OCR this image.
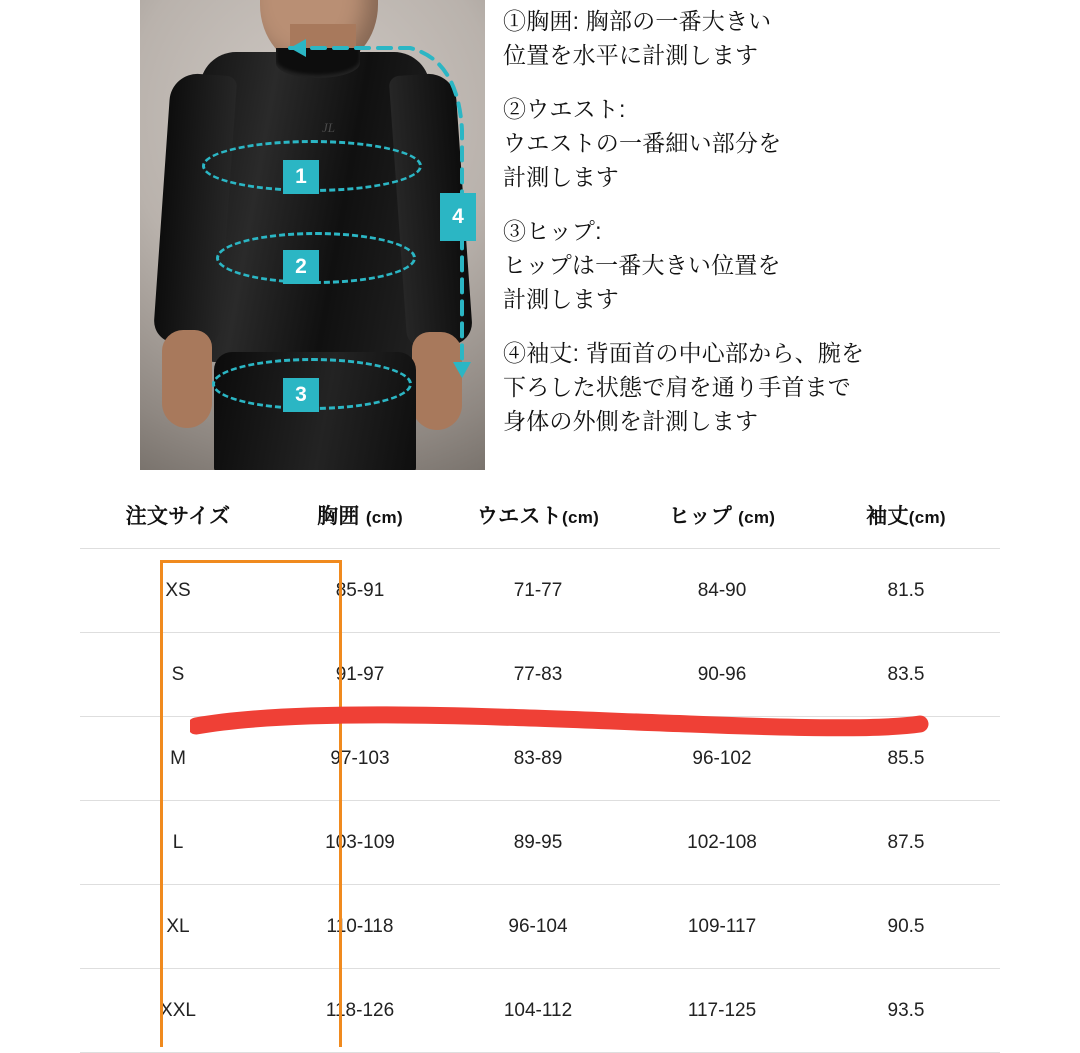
JL
1
2
3
4
①胸囲: 胸部の一番大きい
位置を水平に計測します
②ウエスト:
ウエストの一番細い部分を
計測します
③ヒップ:
ヒップは一番大きい位置を
計測します
④袖丈: 背面首の中心部から、腕を
下ろした状態で肩を通り手首まで
身体の外側を計測します
注文サイズ	胸囲 (cm)	ウエスト(cm)	ヒップ (cm)	袖丈(cm)
XS	85-91	71-77	84-90	81.5
S	91-97	77-83	90-96	83.5
M	97-103	83-89	96-102	85.5
L	103-109	89-95	102-108	87.5
XL	110-118	96-104	109-117	90.5
XXL	118-126	104-112	117-125	93.5
